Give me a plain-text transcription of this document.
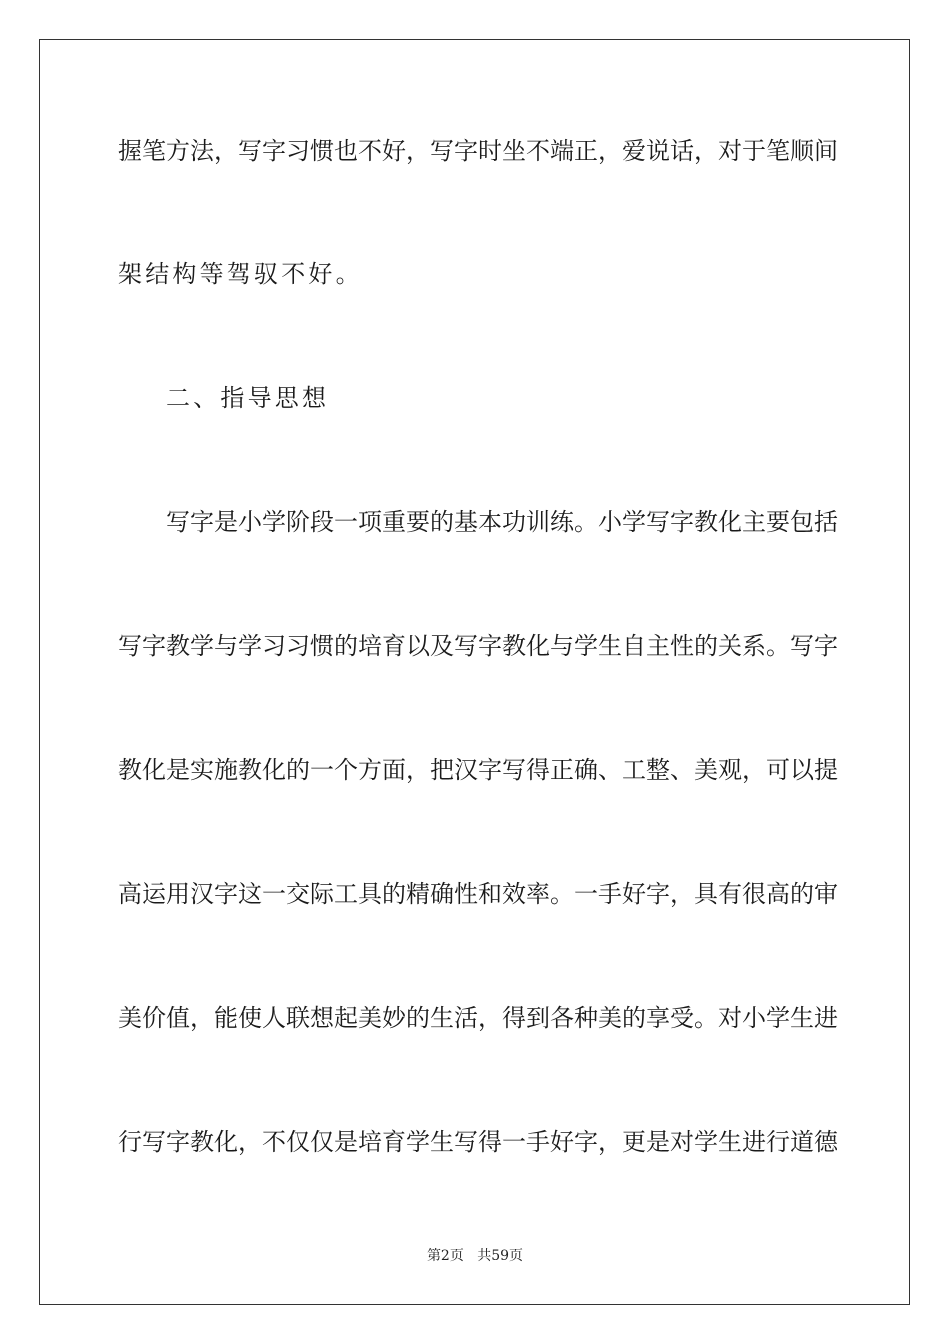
握笔方法，写字习惯也不好，写字时坐不端正，爱说话，对于笔顺间
架结构等驾驭不好。
二、指导思想
写字是小学阶段一项重要的基本功训练。小学写字教化主要包括
写字教学与学习习惯的培育以及写字教化与学生自主性的关系。写字
教化是实施教化的一个方面，把汉字写得正确、工整、美观，可以提
高运用汉字这一交际工具的精确性和效率。一手好字，具有很高的审
美价值，能使人联想起美妙的生活，得到各种美的享受。对小学生进
行写字教化，不仅仅是培育学生写得一手好字，更是对学生进行道德
第2页 共59页
